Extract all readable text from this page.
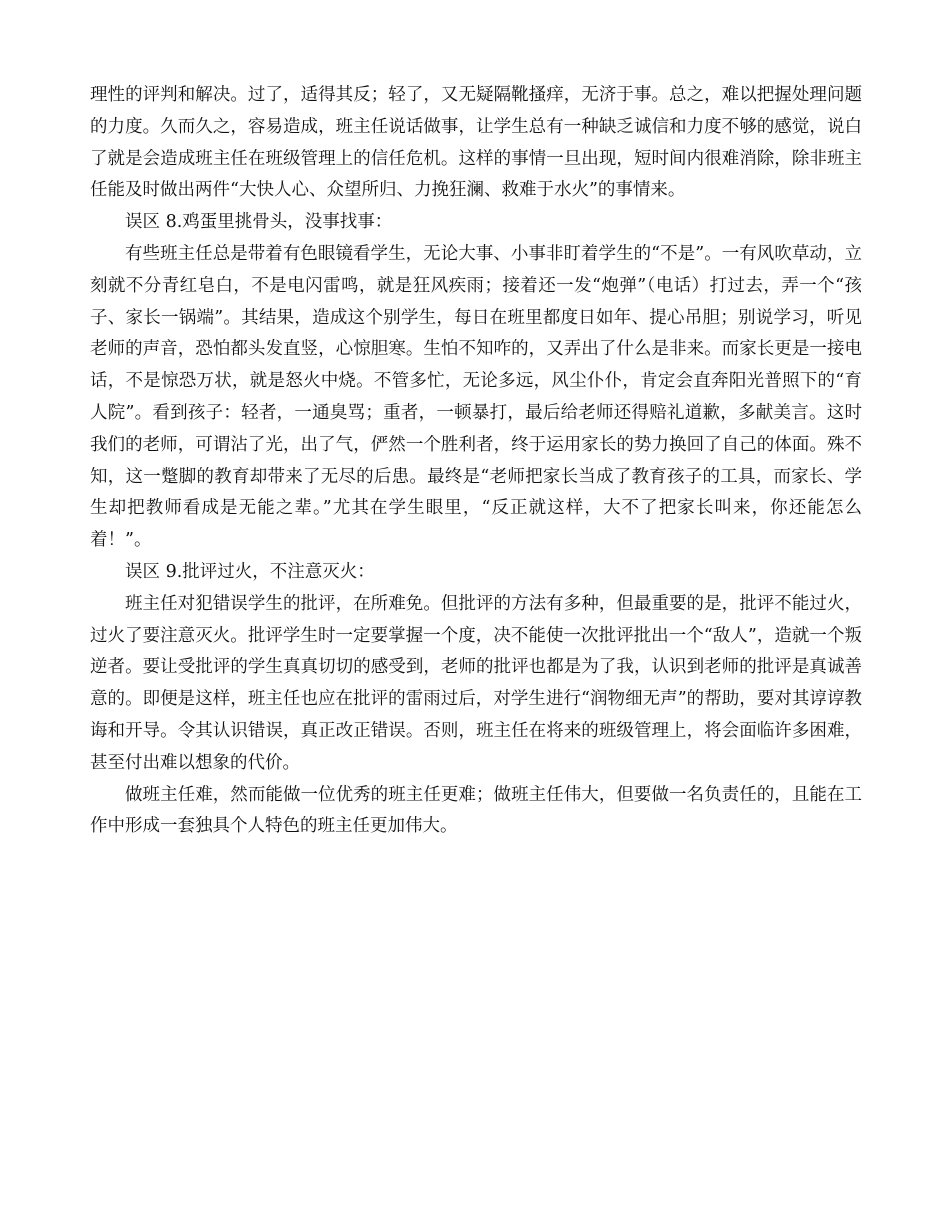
理性的评判和解决。过了，适得其反；轻了，又无疑隔靴搔痒，无济于事。总之，难以把握处理问题的力度。久而久之，容易造成，班主任说话做事，让学生总有一种缺乏诚信和力度不够的感觉，说白了就是会造成班主任在班级管理上的信任危机。这样的事情一旦出现，短时间内很难消除，除非班主任能及时做出两件“大快人心、众望所归、力挽狂澜、救难于水火”的事情来。

误区 8.鸡蛋里挑骨头，没事找事：

有些班主任总是带着有色眼镜看学生，无论大事、小事非盯着学生的“不是”。一有风吹草动，立刻就不分青红皂白，不是电闪雷鸣，就是狂风疾雨；接着还一发“炮弹”（电话）打过去，弄一个“孩子、家长一锅端”。其结果，造成这个别学生，每日在班里都度日如年、提心吊胆；别说学习，听见老师的声音，恐怕都头发直竖，心惊胆寒。生怕不知咋的，又弄出了什么是非来。而家长更是一接电话，不是惊恐万状，就是怒火中烧。不管多忙，无论多远，风尘仆仆，肯定会直奔阳光普照下的“育人院”。看到孩子：轻者，一通臭骂；重者，一顿暴打，最后给老师还得赔礼道歉，多献美言。这时我们的老师，可谓沾了光，出了气，俨然一个胜利者，终于运用家长的势力换回了自己的体面。殊不知，这一蹩脚的教育却带来了无尽的后患。最终是“老师把家长当成了教育孩子的工具，而家长、学生却把教师看成是无能之辈。”尤其在学生眼里，“反正就这样，大不了把家长叫来，你还能怎么着！”。

误区 9.批评过火，不注意灭火：

班主任对犯错误学生的批评，在所难免。但批评的方法有多种，但最重要的是，批评不能过火，过火了要注意灭火。批评学生时一定要掌握一个度，决不能使一次批评批出一个“敌人”，造就一个叛逆者。要让受批评的学生真真切切的感受到，老师的批评也都是为了我，认识到老师的批评是真诚善意的。即便是这样，班主任也应在批评的雷雨过后，对学生进行“润物细无声”的帮助，要对其谆谆教诲和开导。令其认识错误，真正改正错误。否则，班主任在将来的班级管理上，将会面临许多困难，甚至付出难以想象的代价。

做班主任难，然而能做一位优秀的班主任更难；做班主任伟大，但要做一名负责任的，且能在工作中形成一套独具个人特色的班主任更加伟大。
